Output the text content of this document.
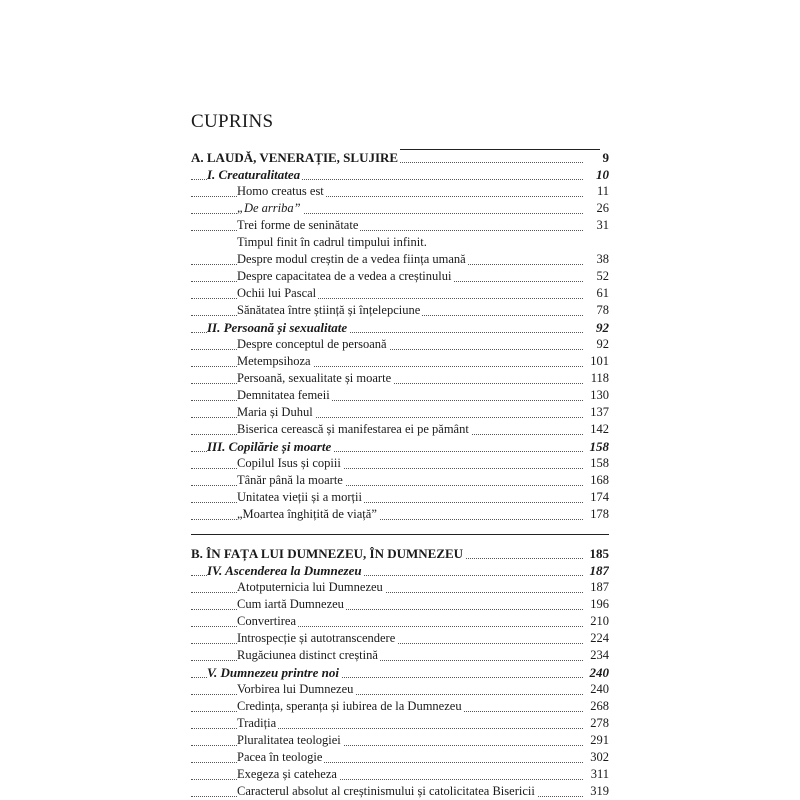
CUPRINS
A. LAUDĂ, VENERAȚIE, SLUJIRE	9
I. Creaturalitatea	10
Homo creatus est	11
„De arriba”	26
Trei forme de seninătate	31
Timpul finit în cadrul timpului infinit.
Despre modul creștin de a vedea ființa umană	38
Despre capacitatea de a vedea a creștinului	52
Ochii lui Pascal	61
Sănătatea între știință și înțelepciune	78
II. Persoană și sexualitate	92
Despre conceptul de persoană	92
Metempsihoza	101
Persoană, sexualitate și moarte	118
Demnitatea femeii	130
Maria și Duhul	137
Biserica cerească și manifestarea ei pe pământ	142
III. Copilărie și moarte	158
Copilul Isus și copiii	158
Tânăr până la moarte	168
Unitatea vieții și a morții	174
„Moartea înghițită de viață”	178
B. ÎN FAȚA LUI DUMNEZEU, ÎN DUMNEZEU	185
IV. Ascenderea la Dumnezeu	187
Atotputernicia lui Dumnezeu	187
Cum iartă Dumnezeu	196
Convertirea	210
Introspecție și autotranscendere	224
Rugăciunea distinct creștină	234
V. Dumnezeu printre noi	240
Vorbirea lui Dumnezeu	240
Credința, speranța și iubirea de la Dumnezeu	268
Tradiția	278
Pluralitatea teologiei	291
Pacea în teologie	302
Exegeza și cateheza	311
Caracterul absolut al creștinismului și catolicitatea Bisericii	319
